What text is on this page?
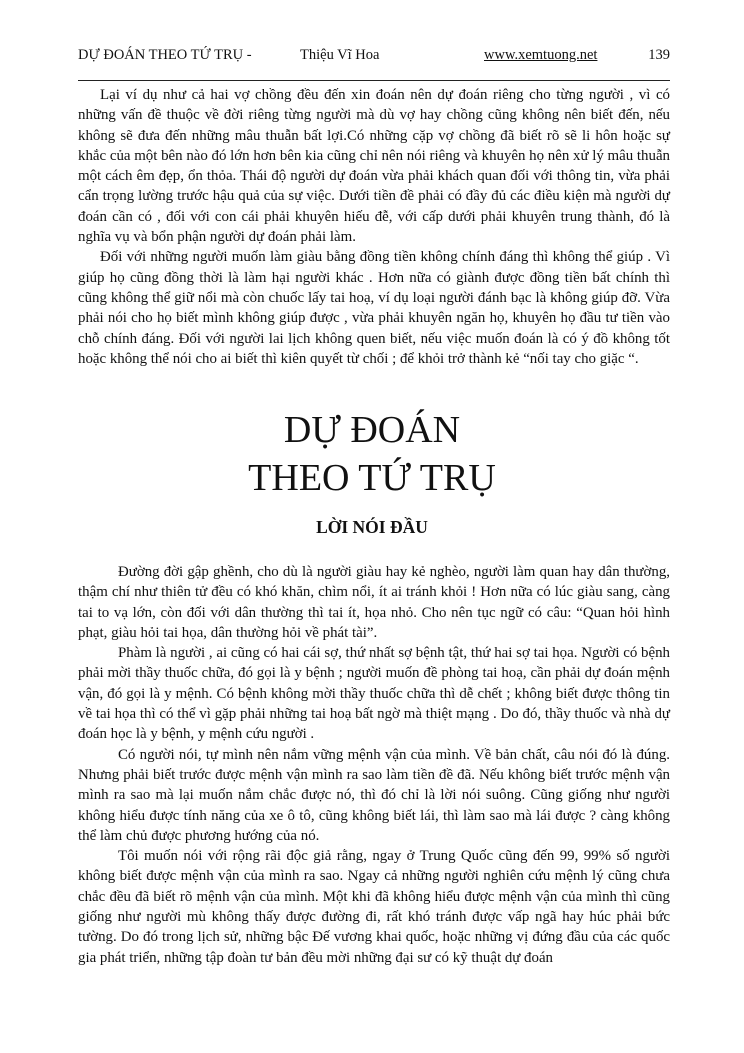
DỰ ĐOÁN THEO TỨ TRỤ -	Thiệu Vĩ Hoa	www.xemtuong.net	139

Lại ví dụ như cả hai vợ chồng đều đến xin đoán nên dự đoán riêng cho từng người , vì có những vấn đề thuộc về đời riêng từng người mà dù vợ hay chồng cũng không nên biết đến, nếu không sẽ đưa đến những mâu thuẫn bất lợi.Có những cặp vợ chồng đã biết rõ sẽ li hôn hoặc sự khắc của một bên nào đó lớn hơn bên kia cũng chỉ nên nói riêng và khuyên họ nên xử lý mâu thuẫn một cách êm đẹp, ổn thỏa. Thái độ người dự đoán vừa phải khách quan đối với thông tin, vừa phải cẩn trọng lường trước hậu quả của sự việc. Dưới tiền đề phải có đầy đủ các điều kiện mà người dự đoán cần có , đối với con cái phải khuyên hiếu đễ, với cấp dưới phải khuyên trung thành, đó là nghĩa vụ và bổn phận người dự đoán phải làm.

Đối với những người muốn làm giàu bằng đồng tiền không chính đáng thì không thể giúp . Vì giúp họ cũng đồng thời là làm hại người khác . Hơn nữa có giành được đồng tiền bất chính thì cũng không thể giữ nổi mà còn chuốc lấy tai hoạ, ví dụ loại người đánh bạc là không giúp đỡ. Vừa phải nói cho họ biết mình không giúp được , vừa phải khuyên ngăn họ, khuyên họ đầu tư tiền vào chỗ chính đáng. Đối với người lai lịch không quen biết, nếu việc muốn đoán là có ý đồ không tốt hoặc không thể nói cho ai biết thì kiên quyết từ chối ; để khỏi trở thành kẻ “nối tay cho giặc “.

DỰ ĐOÁN
THEO TỨ TRỤ
LỜI NÓI ĐẦU

Đường đời gập ghềnh, cho dù là người giàu hay kẻ nghèo, người làm quan hay dân thường, thậm chí như thiên tử đều có khó khăn, chìm nổi, ít ai tránh khỏi ! Hơn nữa có lúc giàu sang, càng tai to vạ lớn, còn đối với dân thường thì tai ít, họa nhỏ. Cho nên tục ngữ có câu: “Quan hỏi hình phạt, giàu hỏi tai họa, dân thường hỏi về phát tài”.

Phàm là người , ai cũng có hai cái sợ, thứ nhất sợ bệnh tật, thứ hai sợ tai họa. Người có bệnh phải mời thầy thuốc chữa, đó gọi là y bệnh ; người muốn đề phòng tai hoạ, cần phải dự đoán mệnh vận, đó gọi là y mệnh. Có bệnh không mời thầy thuốc chữa thì dễ chết ; không biết được thông tin về tai họa thì có thể vì gặp phải những tai hoạ bất ngờ mà thiệt mạng . Do đó, thầy thuốc và nhà dự đoán học là y bệnh, y mệnh cứu người .

Có người nói, tự mình nên nắm vững mệnh vận của mình. Về bản chất, câu nói đó là đúng. Nhưng phải biết trước được mệnh vận mình ra sao làm tiền đề đã. Nếu không biết trước mệnh vận mình ra sao mà lại muốn nắm chắc được nó, thì đó chỉ là lời nói suông. Cũng giống như người không hiểu được tính năng của xe ô tô, cũng không biết lái, thì làm sao mà lái được ? càng không thể làm chủ được phương hướng của nó.

Tôi muốn nói với rộng rãi độc giả rằng, ngay ở Trung Quốc cũng đến 99, 99% số người không biết được mệnh vận của mình ra sao. Ngay cả những người nghiên cứu mệnh lý cũng chưa chắc đều đã biết rõ mệnh vận của mình. Một khi đã không hiểu được mệnh vận của mình thì cũng giống như người mù không thấy được đường đi, rất khó tránh được vấp ngã hay húc phải bức tường. Do đó trong lịch sử, những bậc Đế vương khai quốc, hoặc những vị đứng đầu của các quốc gia phát triển, những tập đoàn tư bản đều mời những đại sư có kỹ thuật dự đoán
